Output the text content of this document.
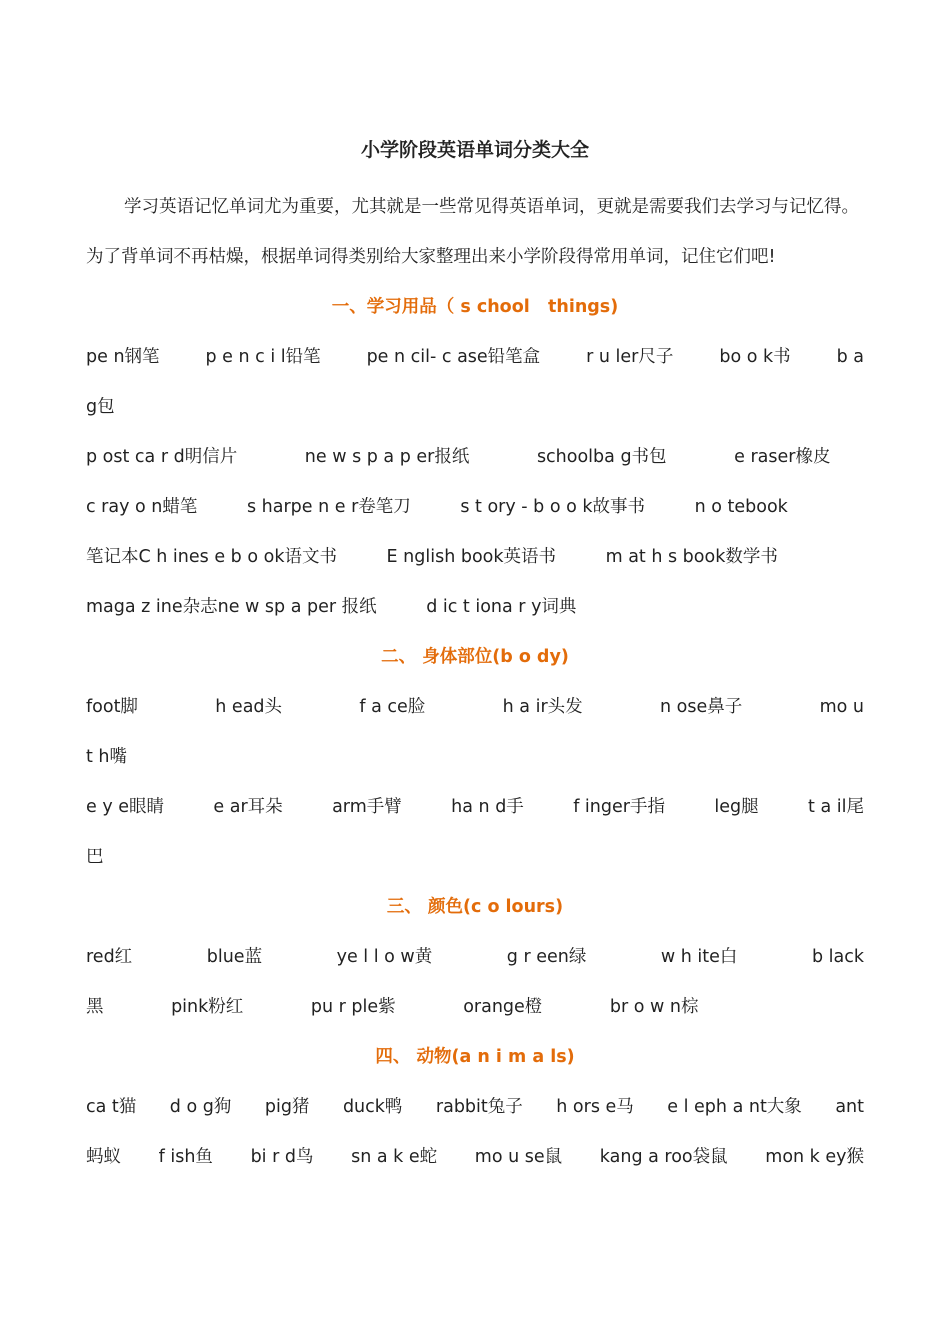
小学阶段英语单词分类大全

学习英语记忆单词尤为重要，尤其就是一些常见得英语单词，更就是需要我们去学习与记忆得。为了背单词不再枯燥，根据单词得类别给大家整理出来小学阶段得常用单词，记住它们吧!

一、学习用品（ s chool   things)
pe n钢笔	p e n c i l铅笔	pe n cil- c ase铅笔盒	r u ler尺子	bo o k书	b a
g包
p ost ca r d明信片	ne w s p a p er报纸	schoolba g书包	e raser橡皮
c ray o n蜡笔	s harpe n e r卷笔刀	s t ory - b o o k故事书	n o tebook
笔记本C h ines e b o ok语文书	E nglish book英语书	m at h s book数学书
maga z ine杂志ne w sp a per 报纸	d ic t iona r y词典
二、 身体部位(b o dy)
foot脚	h ead头	f a ce脸	h a ir头发	n ose鼻子	mo u
t h嘴
e y e眼睛	e ar耳朵	arm手臂	ha n d手	f inger手指	leg腿	t a il尾
巴
三、 颜色(c o lours)
red红	blue蓝	ye l l o w黄	g r een绿	w h ite白	b lack
黑	pink粉红	pu r ple紫	orange橙	br o w n棕
四、 动物(a n i m a ls)
ca t猫 d o g狗 pig猪 duck鸭 rabbit兔子 h ors e马 e l eph a nt大象 ant
蚂蚁 f ish鱼 bi r d鸟 sn a k e蛇 mo u se鼠 kang a roo袋鼠 mon k ey猴
